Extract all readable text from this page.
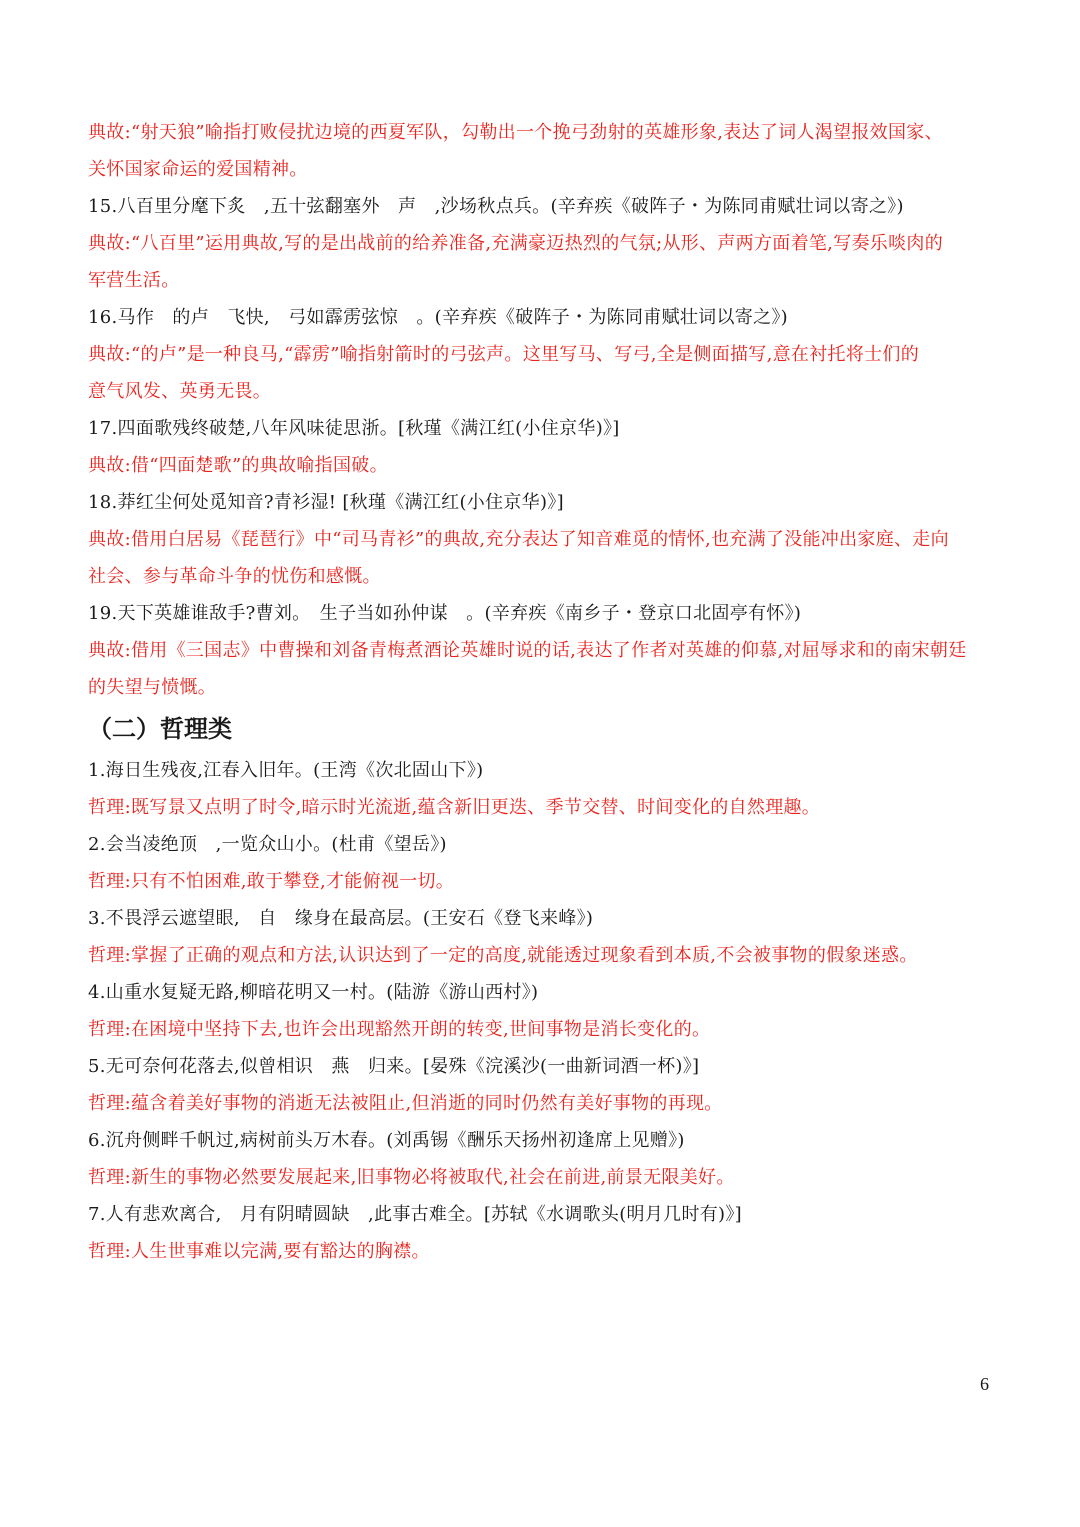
典故:“射天狼”喻指打败侵扰边境的西夏军队，勾勒出一个挽弓劲射的英雄形象,表达了词人渴望报效国家、
关怀国家命运的爱国精神。
15.八百里分麾下炙　,五十弦翻塞外　声　,沙场秋点兵。(辛弃疾《破阵子・为陈同甫赋壮词以寄之》)
典故:“八百里”运用典故,写的是出战前的给养准备,充满豪迈热烈的气氛;从形、声两方面着笔,写奏乐啖肉的
军营生活。
16.马作　的卢　飞快,　弓如霹雳弦惊　。(辛弃疾《破阵子・为陈同甫赋壮词以寄之》)
典故:“的卢”是一种良马,“霹雳”喻指射箭时的弓弦声。这里写马、写弓,全是侧面描写,意在衬托将士们的
意气风发、英勇无畏。
17.四面歌残终破楚,八年风味徒思浙。[秋瑾《满江红(小住京华)》]
典故:借“四面楚歌”的典故喻指国破。
18.莽红尘何处觅知音?青衫湿! [秋瑾《满江红(小住京华)》]
典故:借用白居易《琵琶行》中“司马青衫”的典故,充分表达了知音难觅的情怀,也充满了没能冲出家庭、走向
社会、参与革命斗争的忧伤和感慨。
19.天下英雄谁敌手?曹刘。　生子当如孙仲谋　。(辛弃疾《南乡子・登京口北固亭有怀》)
典故:借用《三国志》中曹操和刘备青梅煮酒论英雄时说的话,表达了作者对英雄的仰慕,对屈辱求和的南宋朝廷
的失望与愤慨。
（二）哲理类
1.海日生残夜,江春入旧年。(王湾《次北固山下》)
哲理:既写景又点明了时令,暗示时光流逝,蕴含新旧更迭、季节交替、时间变化的自然理趣。
2.会当凌绝顶　,一览众山小。(杜甫《望岳》)
哲理:只有不怕困难,敢于攀登,才能俯视一切。
3.不畏浮云遮望眼,　自　缘身在最高层。(王安石《登飞来峰》)
哲理:掌握了正确的观点和方法,认识达到了一定的高度,就能透过现象看到本质,不会被事物的假象迷惑。
4.山重水复疑无路,柳暗花明又一村。(陆游《游山西村》)
哲理:在困境中坚持下去,也许会出现豁然开朗的转变,世间事物是消长变化的。
5.无可奈何花落去,似曾相识　燕　归来。[晏殊《浣溪沙(一曲新词酒一杯)》]
哲理:蕴含着美好事物的消逝无法被阻止,但消逝的同时仍然有美好事物的再现。
6.沉舟侧畔千帆过,病树前头万木春。(刘禹锡《酬乐天扬州初逢席上见赠》)
哲理:新生的事物必然要发展起来,旧事物必将被取代,社会在前进,前景无限美好。
7.人有悲欢离合,　月有阴晴圆缺　,此事古难全。[苏轼《水调歌头(明月几时有)》]
哲理:人生世事难以完满,要有豁达的胸襟。
6
